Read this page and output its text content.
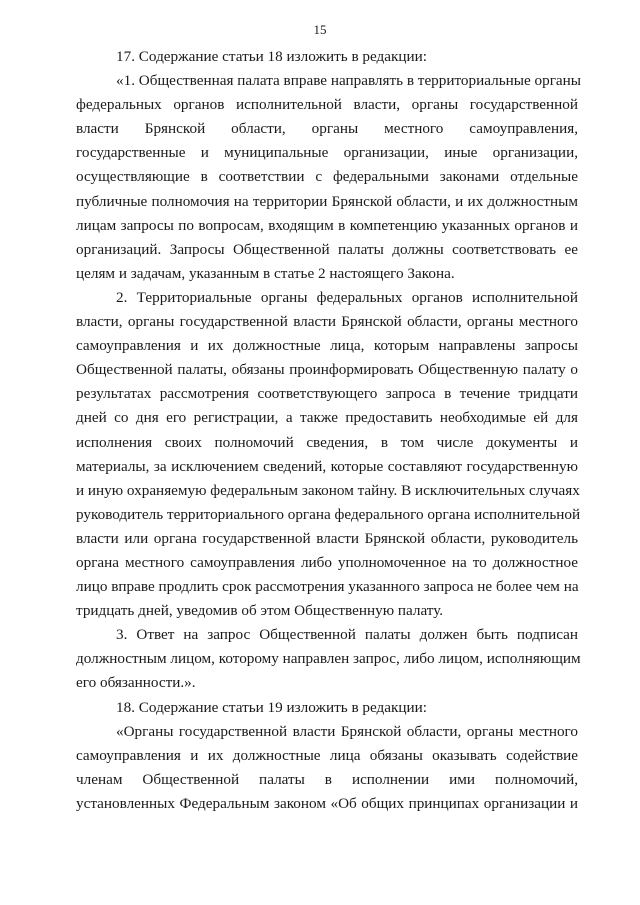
15
17. Содержание статьи 18 изложить в редакции:
«1. Общественная палата вправе направлять в территориальные органы
федеральных органов исполнительной власти, органы государственной
власти Брянской области, органы местного самоуправления,
государственные и муниципальные организации, иные организации,
осуществляющие в соответствии с федеральными законами отдельные
публичные полномочия на территории Брянской области, и их должностным
лицам запросы по вопросам, входящим в компетенцию указанных органов и
организаций. Запросы Общественной палаты должны соответствовать ее
целям и задачам, указанным в статье 2 настоящего Закона.
2. Территориальные органы федеральных органов исполнительной
власти, органы государственной власти Брянской области, органы местного
самоуправления и их должностные лица, которым направлены запросы
Общественной палаты, обязаны проинформировать Общественную палату о
результатах рассмотрения соответствующего запроса в течение тридцати
дней со дня его регистрации, а также предоставить необходимые ей для
исполнения своих полномочий сведения, в том числе документы и
материалы, за исключением сведений, которые составляют государственную
и иную охраняемую федеральным законом тайну. В исключительных случаях
руководитель территориального органа федерального органа исполнительной
власти или органа государственной власти Брянской области, руководитель
органа местного самоуправления либо уполномоченное на то должностное
лицо вправе продлить срок рассмотрения указанного запроса не более чем на
тридцать дней, уведомив об этом Общественную палату.
3. Ответ на запрос Общественной палаты должен быть подписан
должностным лицом, которому направлен запрос, либо лицом, исполняющим
его обязанности.».
18. Содержание статьи 19 изложить в редакции:
«Органы государственной власти Брянской области, органы местного
самоуправления и их должностные лица обязаны оказывать содействие
членам Общественной палаты в исполнении ими полномочий,
установленных Федеральным законом «Об общих принципах организации и
